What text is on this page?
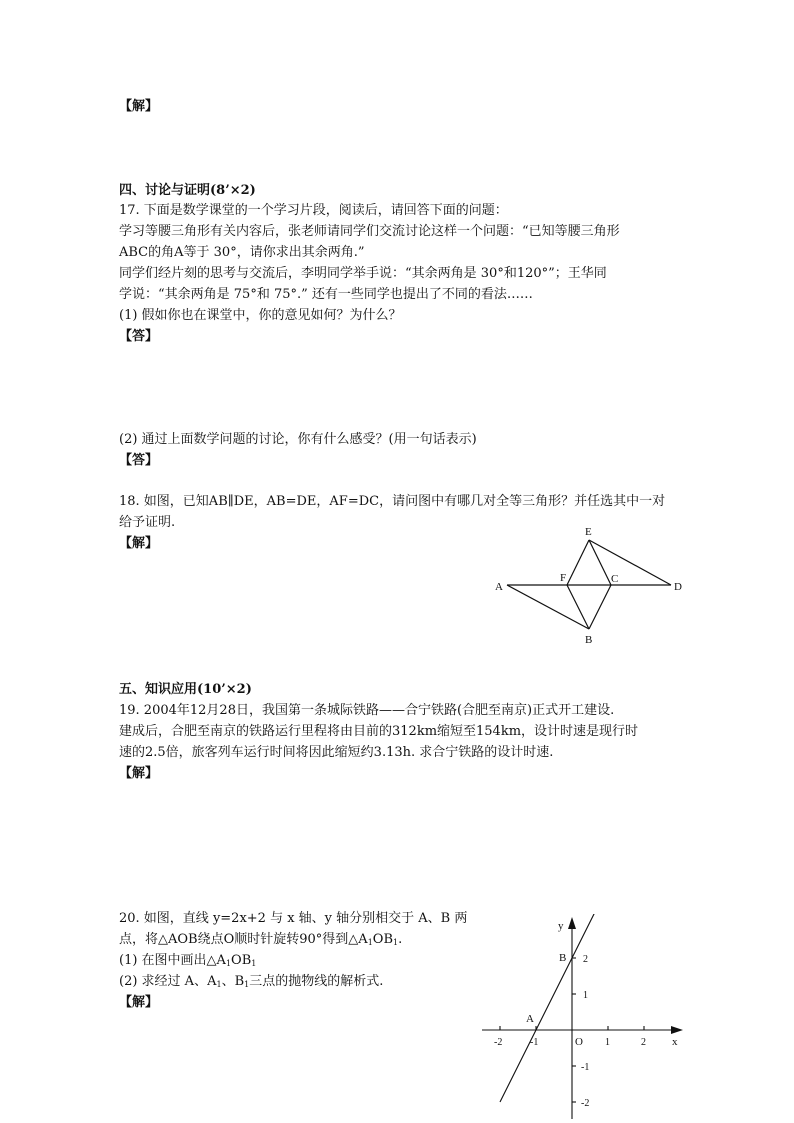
【解】
四、讨论与证明(8’×2)
17. 下面是数学课堂的一个学习片段，阅读后，请回答下面的问题：
学习等腰三角形有关内容后，张老师请同学们交流讨论这样一个问题：“已知等腰三角形
ABC的角A等于 30°，请你求出其余两角.”
同学们经片刻的思考与交流后，李明同学举手说：“其余两角是 30°和120°”；王华同
学说：“其余两角是 75°和 75°.” 还有一些同学也提出了不同的看法……
(1) 假如你也在课堂中，你的意见如何？为什么？
【答】
(2) 通过上面数学问题的讨论，你有什么感受？(用一句话表示)
【答】
18. 如图，已知AB∥DE，AB=DE，AF=DC，请问图中有哪几对全等三角形？并任选其中一对
给予证明.
【解】
A	D
E
B
F	C
五、知识应用(10’×2)
19. 2004年12月28日，我国第一条城际铁路——合宁铁路(合肥至南京)正式开工建设.
建成后，合肥至南京的铁路运行里程将由目前的312km缩短至154km，设计时速是现行时
速的2.5倍，旅客列车运行时间将因此缩短约3.13h. 求合宁铁路的设计时速.
【解】
20. 如图，直线 y=2x+2 与 x 轴、y 轴分别相交于 A、B 两
点，将△AOB绕点O顺时针旋转90°得到$\triangle A_1OB_1$.
(1) 在图中画出$\triangle A_1OB_1$
(2) 求经过 A、$A_1$、$B_1$三点的抛物线的解析式.
【解】
x
y
O
A
B
-2	-1	1	2
2
1
-1
-2
